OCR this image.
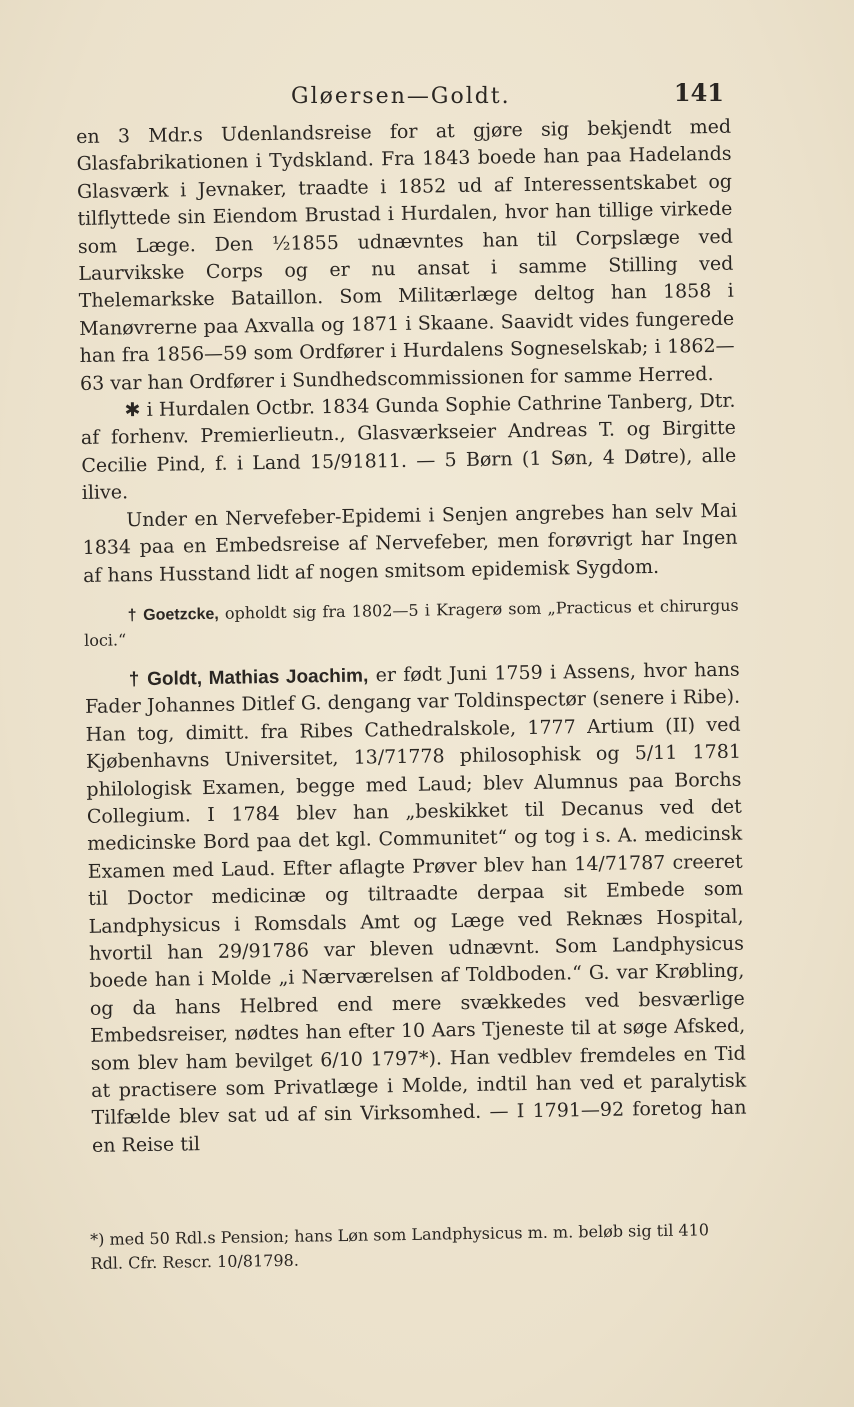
Gløersen—Goldt.	141

en 3 Mdr.s Udenlandsreise for at gjøre sig bekjendt med Glasfabrikationen i Tydskland. Fra 1843 boede han paa Hadelands Glasværk i Jevnaker, traadte i 1852 ud af Interessentskabet og tilflyttede sin Eiendom Brustad i Hurdalen, hvor han tillige virkede som Læge. Den ½1855 udnævntes han til Corpslæge ved Laurvikske Corps og er nu ansat i samme Stilling ved Thelemarkske Bataillon. Som Militærlæge deltog han 1858 i Manøvrerne paa Axvalla og 1871 i Skaane. Saavidt vides fungerede han fra 1856—59 som Ordfører i Hurdalens Sogneselskab; i 1862—63 var han Ordfører i Sundhedscommissionen for samme Herred.

✱ i Hurdalen Octbr. 1834 Gunda Sophie Cathrine Tanberg, Dtr. af forhenv. Premierlieutn., Glasværkseier Andreas T. og Birgitte Cecilie Pind, f. i Land 15/91811. — 5 Børn (1 Søn, 4 Døtre), alle ilive.

Under en Nervefeber-Epidemi i Senjen angrebes han selv Mai 1834 paa en Embedsreise af Nervefeber, men forøvrigt har Ingen af hans Husstand lidt af nogen smitsom epidemisk Sygdom.

† Goetzcke, opholdt sig fra 1802—5 i Kragerø som „Practicus et chirurgus loci.“

† Goldt, Mathias Joachim, er født Juni 1759 i Assens, hvor hans Fader Johannes Ditlef G. dengang var Toldinspectør (senere i Ribe). Han tog, dimitt. fra Ribes Cathedralskole, 1777 Artium (II) ved Kjøbenhavns Universitet, 13/71778 philosophisk og 5/11 1781 philologisk Examen, begge med Laud; blev Alumnus paa Borchs Collegium. I 1784 blev han „beskikket til Decanus ved det medicinske Bord paa det kgl. Communitet“ og tog i s. A. medicinsk Examen med Laud. Efter aflagte Prøver blev han 14/71787 creeret til Doctor medicinæ og tiltraadte derpaa sit Embede som Landphysicus i Romsdals Amt og Læge ved Reknæs Hospital, hvortil han 29/91786 var bleven udnævnt. Som Landphysicus boede han i Molde „i Nærværelsen af Toldboden.“ G. var Krøbling, og da hans Helbred end mere svækkedes ved besværlige Embedsreiser, nødtes han efter 10 Aars Tjeneste til at søge Afsked, som blev ham bevilget 6/10 1797*). Han vedblev fremdeles en Tid at practisere som Privatlæge i Molde, indtil han ved et paralytisk Tilfælde blev sat ud af sin Virksomhed. — I 1791—92 foretog han en Reise til

*) med 50 Rdl.s Pension; hans Løn som Landphysicus m. m. beløb sig til 410 Rdl. Cfr. Rescr. 10/81798.
